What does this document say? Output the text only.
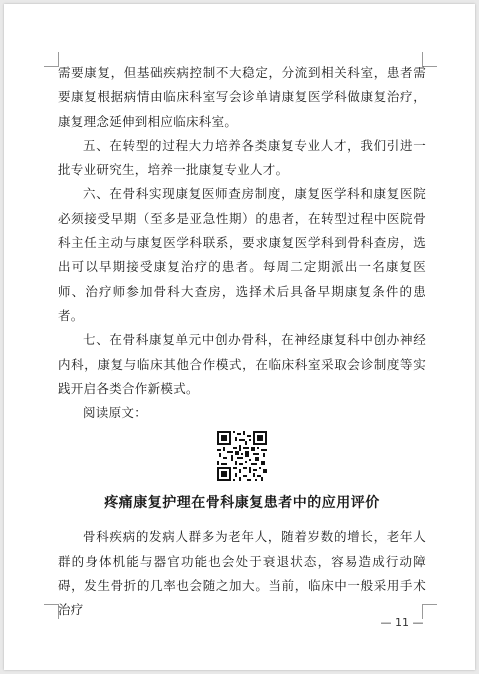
需要康复，但基础疾病控制不大稳定，分流到相关科室，患者需要康复根据病情由临床科室写会诊单请康复医学科做康复治疗，康复理念延伸到相应临床科室。

五、在转型的过程大力培养各类康复专业人才，我们引进一批专业研究生，培养一批康复专业人才。

六、在骨科实现康复医师查房制度，康复医学科和康复医院必须接受早期（至多是亚急性期）的患者，在转型过程中医院骨科主任主动与康复医学科联系，要求康复医学科到骨科查房，选出可以早期接受康复治疗的患者。每周二定期派出一名康复医师、治疗师参加骨科大查房，选择术后具备早期康复条件的患者。

七、在骨科康复单元中创办骨科，在神经康复科中创办神经内科，康复与临床其他合作模式，在临床科室采取会诊制度等实践开启各类合作新模式。

阅读原文：

疼痛康复护理在骨科康复患者中的应用评价

骨科疾病的发病人群多为老年人，随着岁数的增长，老年人群的身体机能与器官功能也会处于衰退状态，容易造成行动障碍，发生骨折的几率也会随之加大。当前，临床中一般采用手术治疗

— 11 —
